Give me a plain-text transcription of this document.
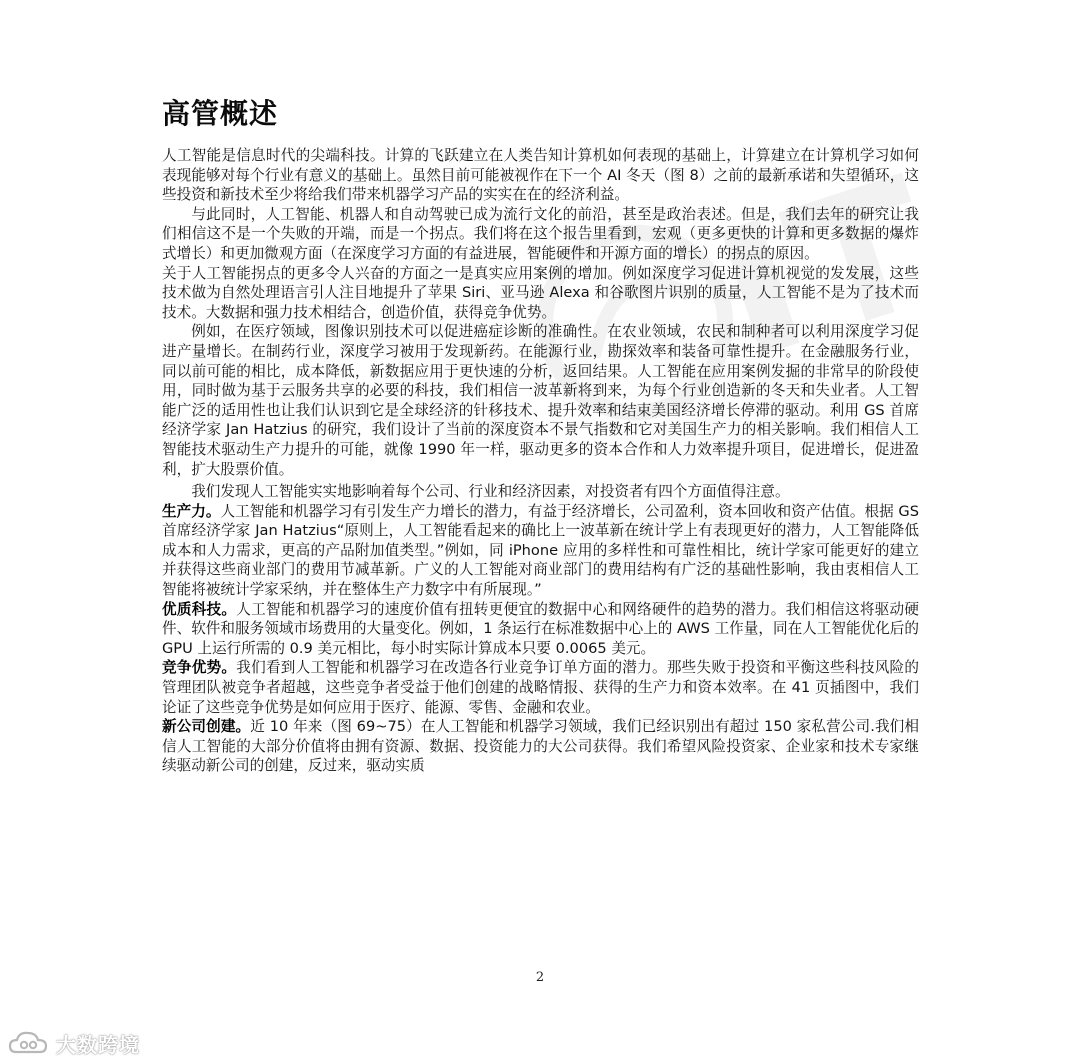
高管概述

人工智能是信息时代的尖端科技。计算的飞跃建立在人类告知计算机如何表现的基础上，计算建立在计算机学习如何表现能够对每个行业有意义的基础上。虽然目前可能被视作在下一个 AI 冬天（图 8）之前的最新承诺和失望循环，这些投资和新技术至少将给我们带来机器学习产品的实实在在的经济利益。

与此同时，人工智能、机器人和自动驾驶已成为流行文化的前沿，甚至是政治表述。但是，我们去年的研究让我们相信这不是一个失败的开端，而是一个拐点。我们将在这个报告里看到，宏观（更多更快的计算和更多数据的爆炸式增长）和更加微观方面（在深度学习方面的有益进展，智能硬件和开源方面的增长）的拐点的原因。

关于人工智能拐点的更多令人兴奋的方面之一是真实应用案例的增加。例如深度学习促进计算机视觉的发发展，这些技术做为自然处理语言引人注目地提升了苹果 Siri、亚马逊 Alexa 和谷歌图片识别的质量，人工智能不是为了技术而技术。大数据和强力技术相结合，创造价值，获得竞争优势。

例如，在医疗领域，图像识别技术可以促进癌症诊断的准确性。在农业领域，农民和制种者可以利用深度学习促进产量增长。在制药行业，深度学习被用于发现新药。在能源行业，勘探效率和装备可靠性提升。在金融服务行业，同以前可能的相比，成本降低，新数据应用于更快速的分析，返回结果。人工智能在应用案例发掘的非常早的阶段使用，同时做为基于云服务共享的必要的科技，我们相信一波革新将到来，为每个行业创造新的冬天和失业者。人工智能广泛的适用性也让我们认识到它是全球经济的针移技术、提升效率和结束美国经济增长停滞的驱动。利用 GS 首席经济学家 Jan Hatzius 的研究，我们设计了当前的深度资本不景气指数和它对美国生产力的相关影响。我们相信人工智能技术驱动生产力提升的可能，就像 1990 年一样，驱动更多的资本合作和人力效率提升项目，促进增长，促进盈利，扩大股票价值。

我们发现人工智能实实地影响着每个公司、行业和经济因素，对投资者有四个方面值得注意。

生产力。人工智能和机器学习有引发生产力增长的潜力，有益于经济增长，公司盈利，资本回收和资产估值。根据 GS 首席经济学家 Jan Hatzius“原则上，人工智能看起来的确比上一波革新在统计学上有表现更好的潜力，人工智能降低成本和人力需求，更高的产品附加值类型。”例如，同 iPhone 应用的多样性和可靠性相比，统计学家可能更好的建立并获得这些商业部门的费用节减革新。广义的人工智能对商业部门的费用结构有广泛的基础性影响，我由衷相信人工智能将被统计学家采纳，并在整体生产力数字中有所展现。”

优质科技。人工智能和机器学习的速度价值有扭转更便宜的数据中心和网络硬件的趋势的潜力。我们相信这将驱动硬件、软件和服务领域市场费用的大量变化。例如，1 条运行在标准数据中心上的 AWS 工作量，同在人工智能优化后的 GPU 上运行所需的 0.9 美元相比，每小时实际计算成本只要 0.0065 美元。

竞争优势。我们看到人工智能和机器学习在改造各行业竞争订单方面的潜力。那些失败于投资和平衡这些科技风险的管理团队被竞争者超越，这些竞争者受益于他们创建的战略情报、获得的生产力和资本效率。在 41 页插图中，我们论证了这些竞争优势是如何应用于医疗、能源、零售、金融和农业。

新公司创建。近 10 年来（图 69~75）在人工智能和机器学习领域，我们已经识别出有超过 150 家私营公司.我们相信人工智能的大部分价值将由拥有资源、数据、投资能力的大公司获得。我们希望风险投资家、企业家和技术专家继续驱动新公司的创建，反过来，驱动实质

2
大数跨境
